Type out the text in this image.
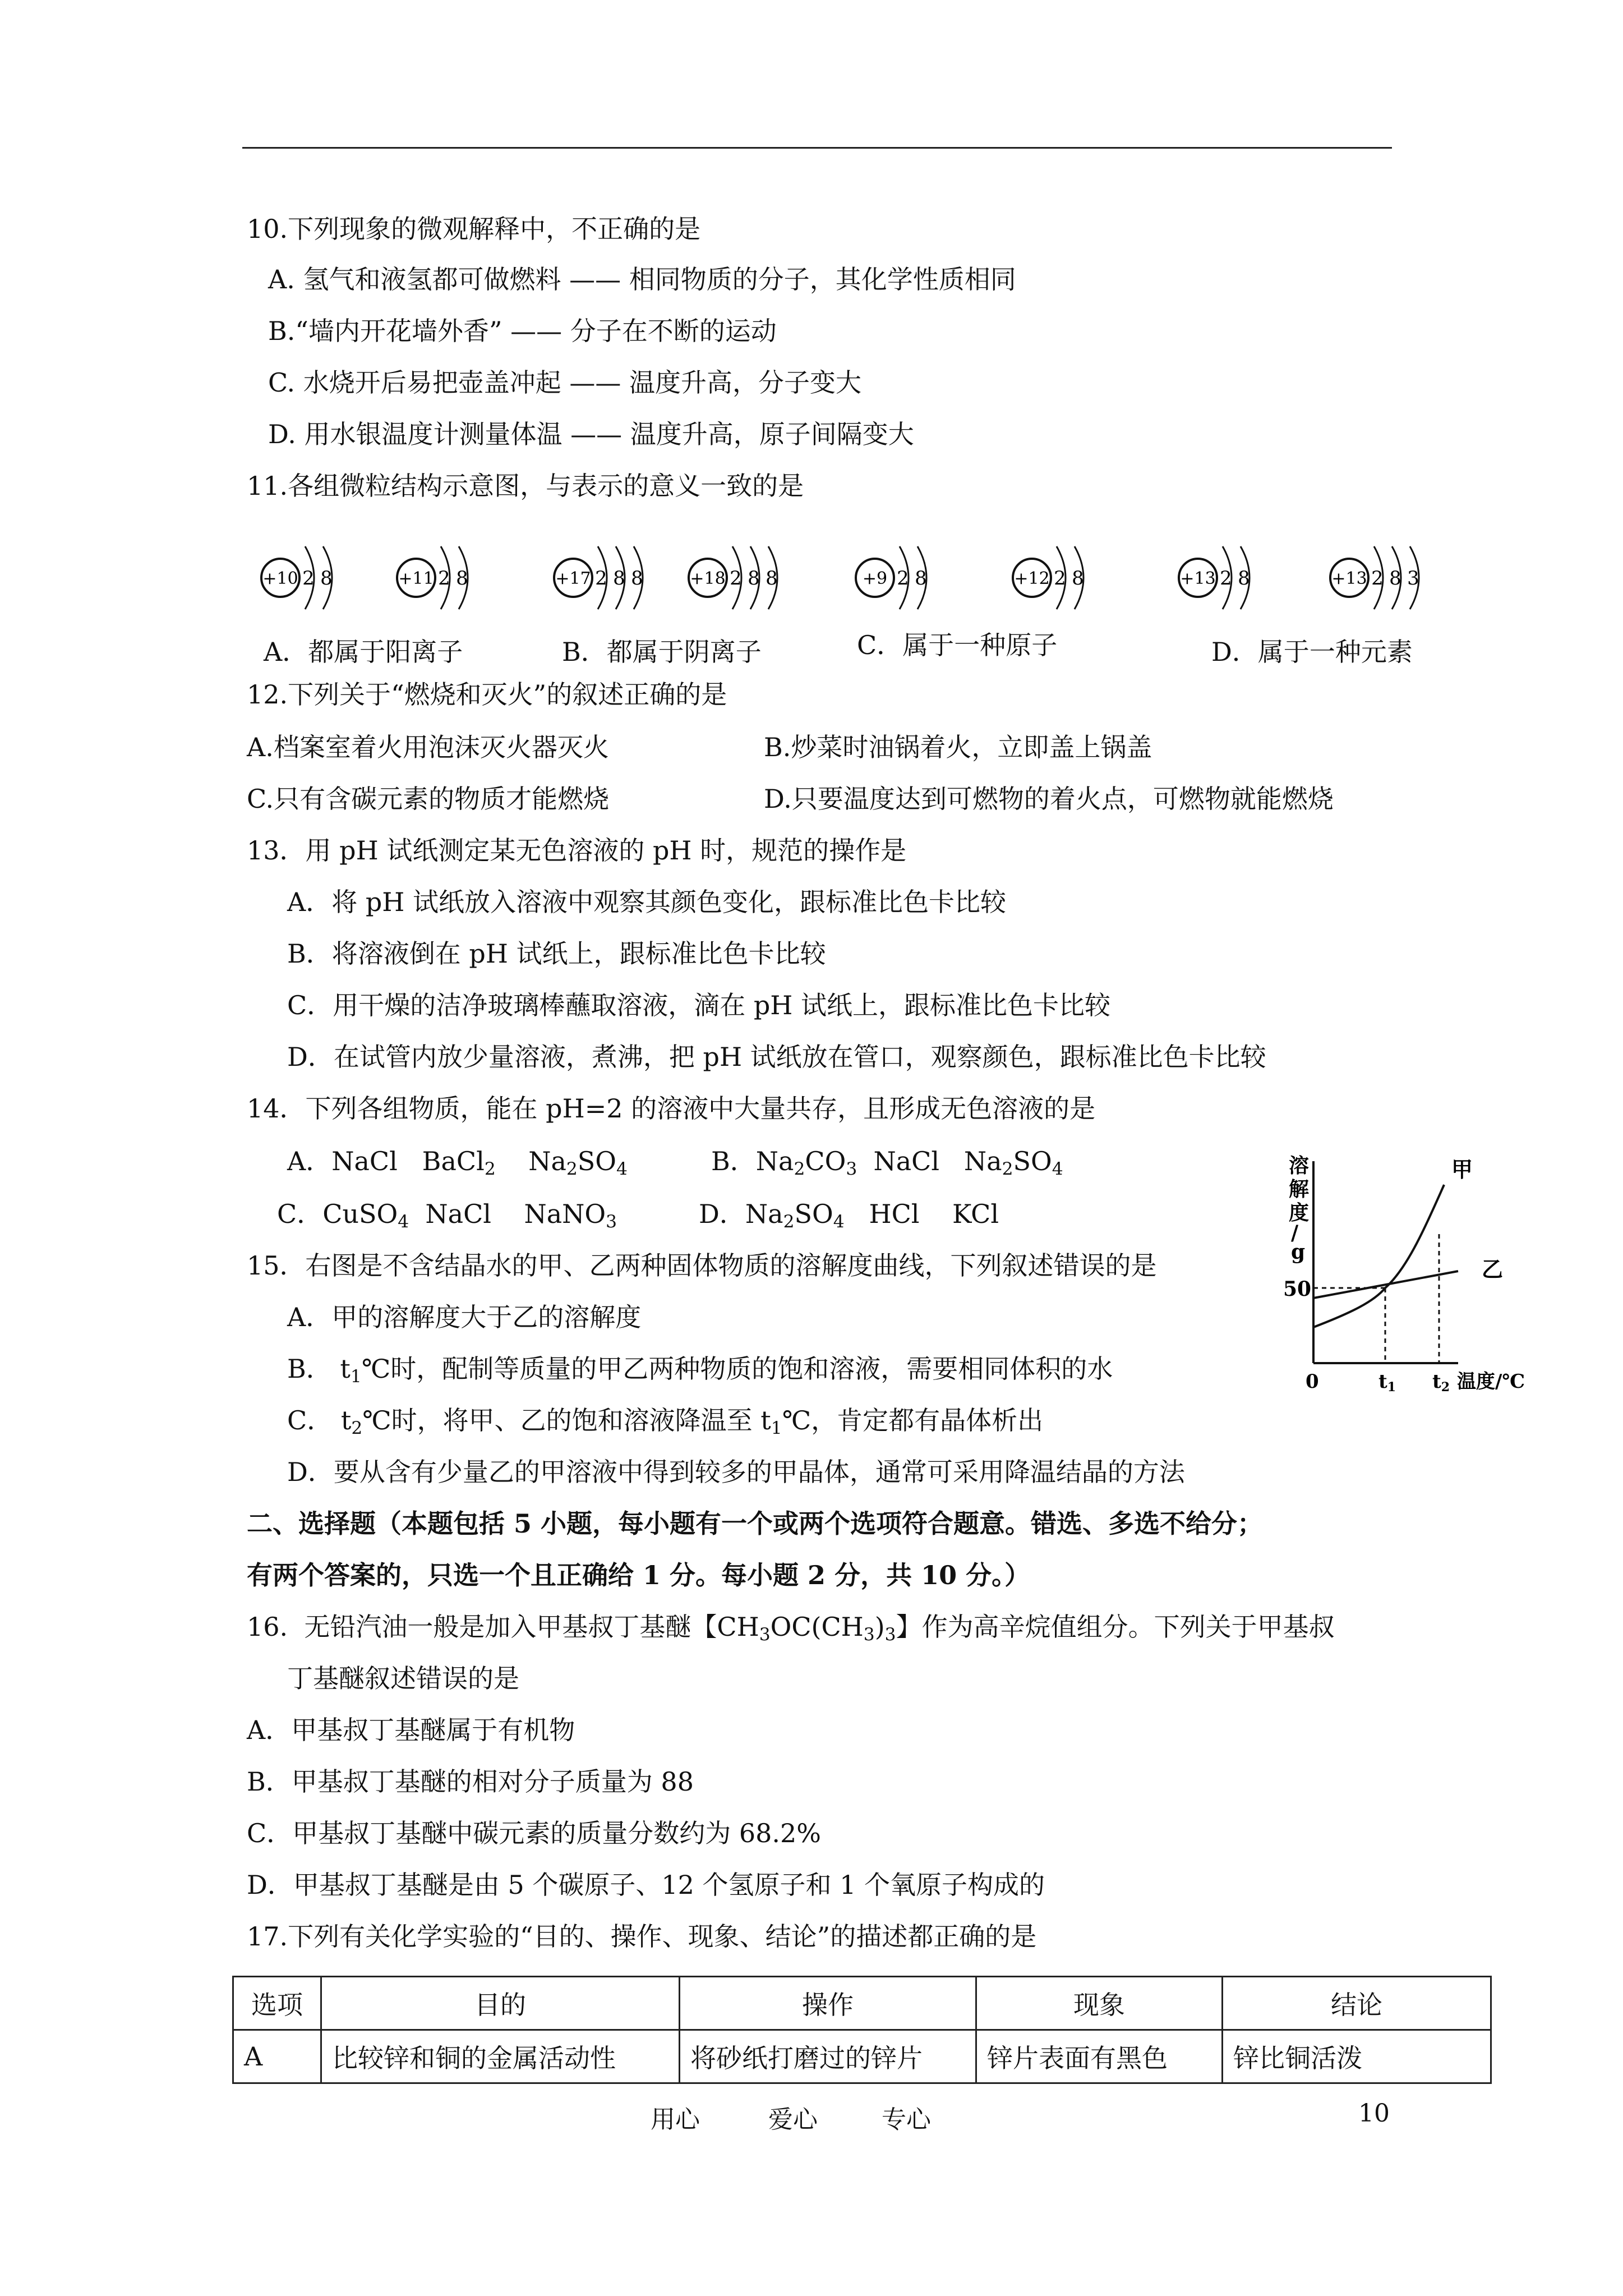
10.下列现象的微观解释中，不正确的是
A. 氢气和液氢都可做燃料 —— 相同物质的分子，其化学性质相同
B.“墙内开花墙外香” —— 分子在不断的运动
C. 水烧开后易把壶盖冲起 —— 温度升高，分子变大
D. 用水银温度计测量体温 —— 温度升高，原子间隔变大
11.各组微粒结构示意图，与表示的意义一致的是
+10 2 8	+11 2 8	+17 2 8 8	+18 2 8 8	+9 2 8	+12 2 8	+13 2 8	+13 2 8 3
A．都属于阳离子	B．都属于阴离子	C．属于一种原子	D．属于一种元素
12.下列关于“燃烧和灭火”的叙述正确的是
A.档案室着火用泡沫灭火器灭火	B.炒菜时油锅着火，立即盖上锅盖
C.只有含碳元素的物质才能燃烧	D.只要温度达到可燃物的着火点，可燃物就能燃烧
13．用 pH 试纸测定某无色溶液的 pH 时，规范的操作是
A．将 pH 试纸放入溶液中观察其颜色变化，跟标准比色卡比较
B．将溶液倒在 pH 试纸上，跟标准比色卡比较
C．用干燥的洁净玻璃棒蘸取溶液，滴在 pH 试纸上，跟标准比色卡比较
D．在试管内放少量溶液，煮沸，把 pH 试纸放在管口，观察颜色，跟标准比色卡比较
14．下列各组物质，能在 pH=2 的溶液中大量共存，且形成无色溶液的是
A．NaCl   BaCl$_2$    $Na_2SO_4$	B．$Na_2CO_3$  NaCl   $Na_2SO_4$
C．CuSO$_4$  NaCl    NaNO$_3$	D．$Na_2SO_4$   HCl    KCl
溶
解
度
/
g
50
0	t1 t2 温度/℃
甲
乙
15．右图是不含结晶水的甲、乙两种固体物质的溶解度曲线，下列叙述错误的是
A．甲的溶解度大于乙的溶解度
B． $t_1℃$时，配制等质量的甲乙两种物质的饱和溶液，需要相同体积的水
C． $t_2℃$时，将甲、乙的饱和溶液降温至 $t_1℃$，肯定都有晶体析出
D．要从含有少量乙的甲溶液中得到较多的甲晶体，通常可采用降温结晶的方法
二、选择题（本题包括 5 小题，每小题有一个或两个选项符合题意。错选、多选不给分；
有两个答案的，只选一个且正确给 1 分。每小题 2 分，共 10 分。）
16.  无铅汽油一般是加入甲基叔丁基醚【$CH_3OC(CH_3)_3$】作为高辛烷值组分。下列关于甲基叔
丁基醚叙述错误的是
A．甲基叔丁基醚属于有机物
B．甲基叔丁基醚的相对分子质量为 88
C．甲基叔丁基醚中碳元素的质量分数约为 68.2%
D．甲基叔丁基醚是由 5 个碳原子、12 个氢原子和 1 个氧原子构成的
17.下列有关化学实验的“目的、操作、现象、结论”的描述都正确的是
选项	目的	操作	现象	结论
A	比较锌和铜的金属活动性	将砂纸打磨过的锌片	锌片表面有黑色	锌比铜活泼
用心	爱心	专心	10
